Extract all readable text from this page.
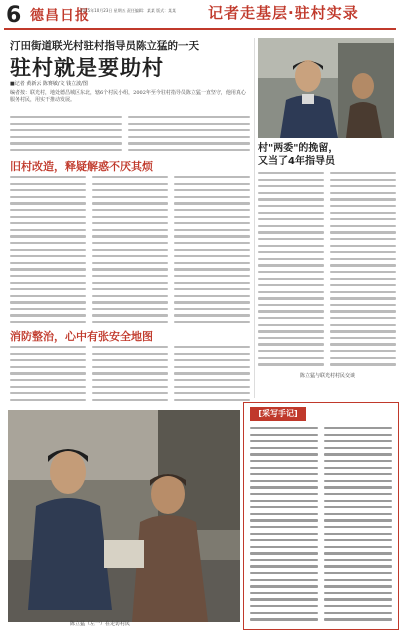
6 德昌日报
2015年10月23日 星期五 责任编辑：某某 版式：某某	记者走基层·驻村实录
汀田街道联光村驻村指导员陈立猛的一天
驻村就是要助村
■记者 黄新云 陈赛敏/文 钱立波/图
编者按：联光村，地处德昌城区东北，辖6个村民小组，2002年至今驻村指导员陈立猛一直坚守，他用真心服务村民，用实干推动发展。
旧村改造，释疑解惑不厌其烦
消防整治，心中有张安全地图
村"两委"的挽留，
又当了4年指导员
陈立猛与联光村村民交谈
陈立猛（左一）在走访村民
[采写手记]
